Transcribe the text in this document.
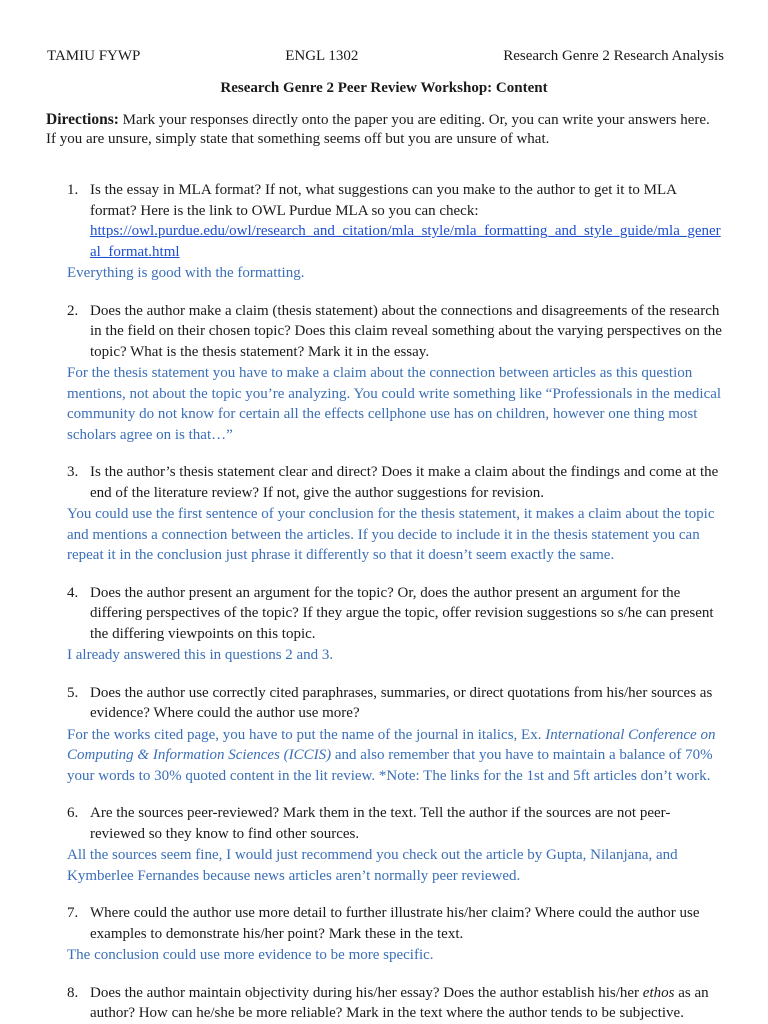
TAMIU FYWP	ENGL 1302	Research Genre 2 Research Analysis
Research Genre 2 Peer Review Workshop: Content
Directions: Mark your responses directly onto the paper you are editing. Or, you can write your answers here. If you are unsure, simply state that something seems off but you are unsure of what.
1. Is the essay in MLA format? If not, what suggestions can you make to the author to get it to MLA format? Here is the link to OWL Purdue MLA so you can check:
https://owl.purdue.edu/owl/research_and_citation/mla_style/mla_formatting_and_style_guide/mla_general_format.html
Everything is good with the formatting.
2. Does the author make a claim (thesis statement) about the connections and disagreements of the research in the field on their chosen topic? Does this claim reveal something about the varying perspectives on the topic? What is the thesis statement? Mark it in the essay.
For the thesis statement you have to make a claim about the connection between articles as this question mentions, not about the topic you’re analyzing. You could write something like “Professionals in the medical community do not know for certain all the effects cellphone use has on children, however one thing most scholars agree on is that…”
3. Is the author’s thesis statement clear and direct? Does it make a claim about the findings and come at the end of the literature review? If not, give the author suggestions for revision.
You could use the first sentence of your conclusion for the thesis statement, it makes a claim about the topic and mentions a connection between the articles. If you decide to include it in the thesis statement you can repeat it in the conclusion just phrase it differently so that it doesn’t seem exactly the same.
4. Does the author present an argument for the topic? Or, does the author present an argument for the differing perspectives of the topic? If they argue the topic, offer revision suggestions so s/he can present the differing viewpoints on this topic.
I already answered this in questions 2 and 3.
5. Does the author use correctly cited paraphrases, summaries, or direct quotations from his/her sources as evidence? Where could the author use more?
For the works cited page, you have to put the name of the journal in italics, Ex. International Conference on Computing & Information Sciences (ICCIS) and also remember that you have to maintain a balance of 70% your words to 30% quoted content in the lit review. *Note: The links for the 1st and 5ft articles don’t work.
6. Are the sources peer-reviewed? Mark them in the text. Tell the author if the sources are not peer-reviewed so they know to find other sources.
All the sources seem fine, I would just recommend you check out the article by Gupta, Nilanjana, and Kymberlee Fernandes because news articles aren’t normally peer reviewed.
7. Where could the author use more detail to further illustrate his/her claim? Where could the author use examples to demonstrate his/her point? Mark these in the text.
The conclusion could use more evidence to be more specific.
8. Does the author maintain objectivity during his/her essay? Does the author establish his/her ethos as an author? How can he/she be more reliable? Mark in the text where the author tends to be subjective.
